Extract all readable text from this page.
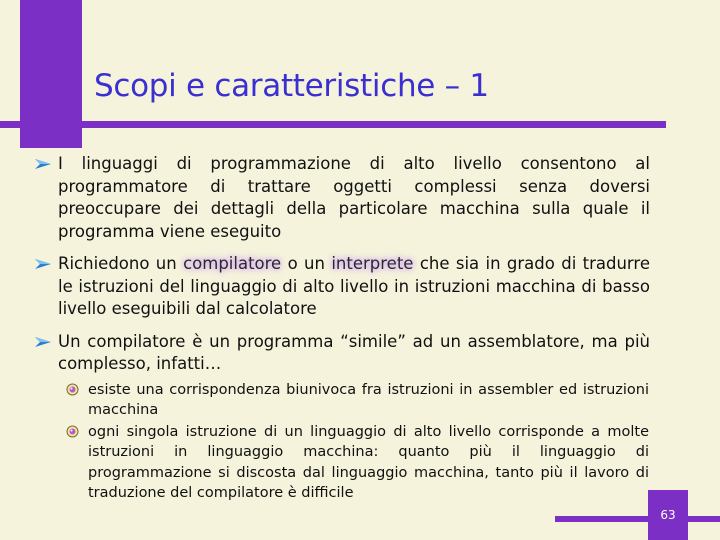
Scopi e caratteristiche – 1

I linguaggi di programmazione di alto livello consentono al programmatore di trattare oggetti complessi senza doversi preoccupare dei dettagli della particolare macchina sulla quale il programma viene eseguito

Richiedono un compilatore o un interprete che sia in grado di tradurre le istruzioni del linguaggio di alto livello in istruzioni macchina di basso livello eseguibili dal calcolatore

Un compilatore è un programma “simile” ad un assemblatore, ma più complesso, infatti…

esiste una corrispondenza biunivoca fra istruzioni in assembler ed istruzioni macchina

ogni singola istruzione di un linguaggio di alto livello corrisponde a molte istruzioni in linguaggio macchina: quanto più il linguaggio di programmazione si discosta dal linguaggio macchina, tanto più il lavoro di traduzione del compilatore è difficile

63
